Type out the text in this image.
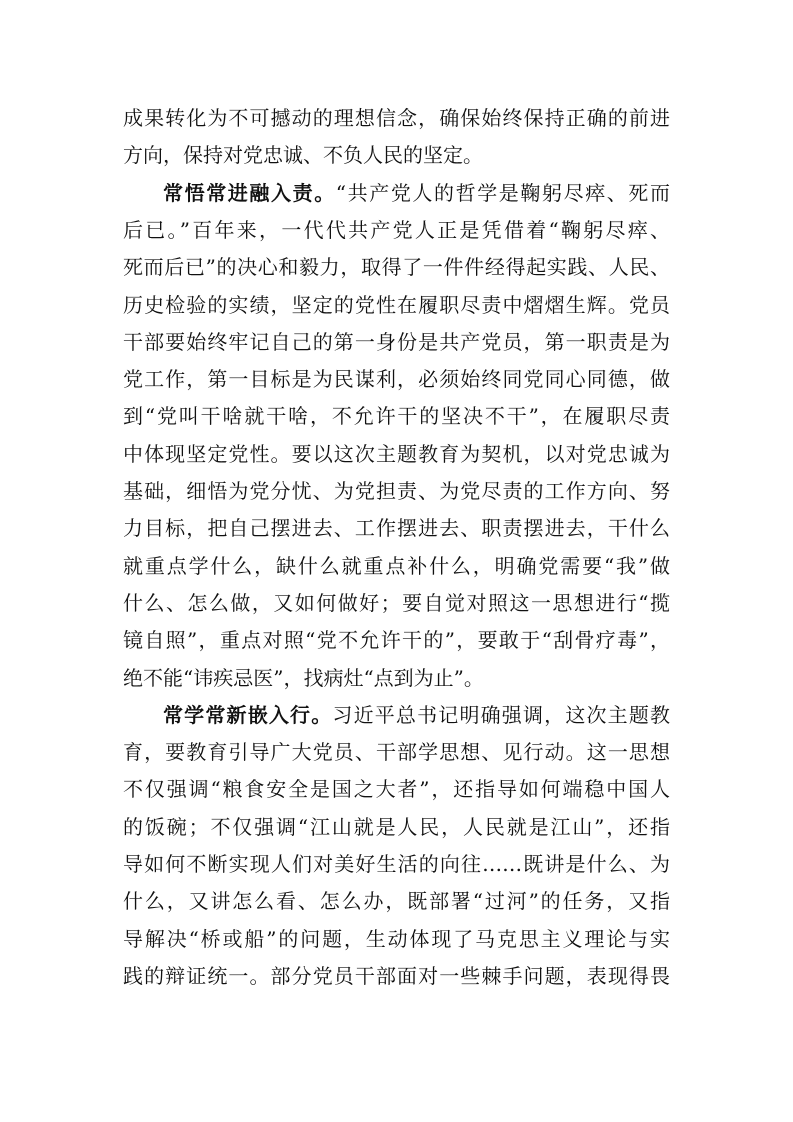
成果转化为不可撼动的理想信念，确保始终保持正确的前进
方向，保持对党忠诚、不负人民的坚定。
常悟常进融入责。“共产党人的哲学是鞠躬尽瘁、死而
后已。”百年来，一代代共产党人正是凭借着“鞠躬尽瘁、
死而后已”的决心和毅力，取得了一件件经得起实践、人民、
历史检验的实绩，坚定的党性在履职尽责中熠熠生辉。党员
干部要始终牢记自己的第一身份是共产党员，第一职责是为
党工作，第一目标是为民谋利，必须始终同党同心同德，做
到“党叫干啥就干啥，不允许干的坚决不干”，在履职尽责
中体现坚定党性。要以这次主题教育为契机，以对党忠诚为
基础，细悟为党分忧、为党担责、为党尽责的工作方向、努
力目标，把自己摆进去、工作摆进去、职责摆进去，干什么
就重点学什么，缺什么就重点补什么，明确党需要“我”做
什么、怎么做，又如何做好；要自觉对照这一思想进行“揽
镜自照”，重点对照“党不允许干的”，要敢于“刮骨疗毒”，
绝不能“讳疾忌医”，找病灶“点到为止”。
常学常新嵌入行。习近平总书记明确强调，这次主题教
育，要教育引导广大党员、干部学思想、见行动。这一思想
不仅强调“粮食安全是国之大者”，还指导如何端稳中国人
的饭碗；不仅强调“江山就是人民，人民就是江山”，还指
导如何不断实现人们对美好生活的向往……既讲是什么、为
什么，又讲怎么看、怎么办，既部署“过河”的任务，又指
导解决“桥或船”的问题，生动体现了马克思主义理论与实
践的辩证统一。部分党员干部面对一些棘手问题，表现得畏
